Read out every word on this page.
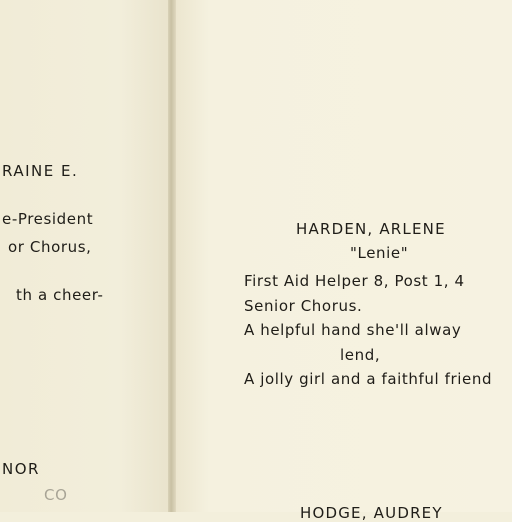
RAINE E.
e-President
or Chorus,
th a cheer-
NOR
CO
HARDEN, ARLENE
"Lenie"
First Aid Helper 8, Post 1, 4
Senior Chorus.
A helpful hand she'll alway
lend,
A jolly girl and a faithful friend
HODGE, AUDREY
